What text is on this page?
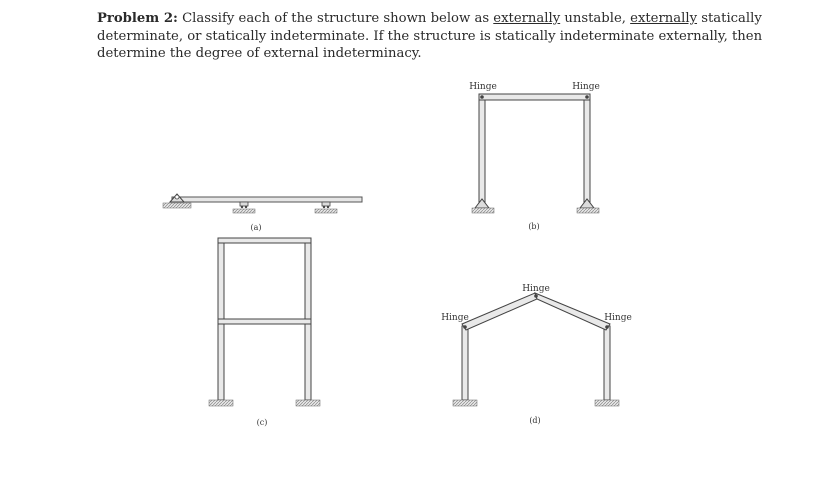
Problem 2: Classify each of the structure shown below as externally unstable, externally statically determinate, or statically indeterminate. If the structure is statically indeterminate externally, then determine the degree of external indeterminacy.
(a)
Hinge	Hinge
(b)
(c)
Hinge
Hinge
Hinge
(d)
